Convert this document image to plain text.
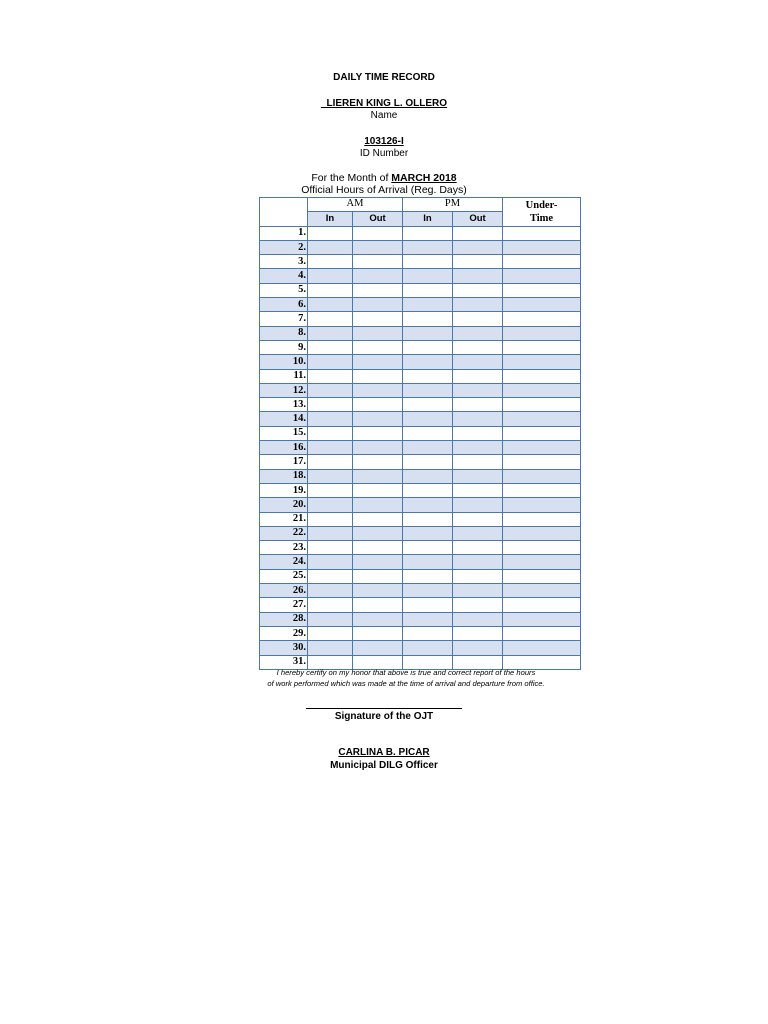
DAILY TIME RECORD
_LIEREN KING L. OLLERO
Name
103126-I
ID Number
For the Month of MARCH 2018
Official Hours of Arrival (Reg. Days)
	AM		PM		Under-
Time
	In	Out	In	Out	
1.					
2.					
3.					
4.					
5.					
6.					
7.					
8.					
9.					
10.					
11.					
12.					
13.					
14.					
15.					
16.					
17.					
18.					
19.					
20.					
21.					
22.					
23.					
24.					
25.					
26.					
27.					
28.					
29.					
30.					
31.					
I hereby certify on my honor that above is true and correct report of the hours
of work performed which was made at the time of arrival and departure from office.
Signature of the OJT
CARLINA B. PICAR
Municipal DILG Officer
